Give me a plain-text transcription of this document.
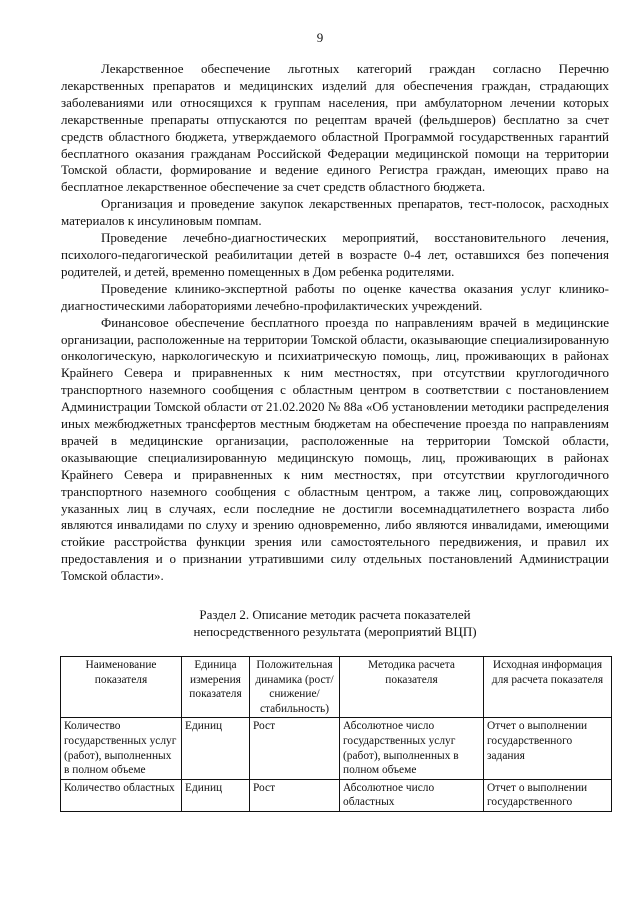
9

Лекарственное обеспечение льготных категорий граждан согласно Перечню лекарственных препаратов и медицинских изделий для обеспечения граждан, страдающих заболеваниями или относящихся к группам населения, при амбулаторном лечении которых лекарственные препараты отпускаются по рецептам врачей (фельдшеров) бесплатно за счет средств областного бюджета, утверждаемого областной Программой государственных гарантий бесплатного оказания гражданам Российской Федерации медицинской помощи на территории Томской области, формирование и ведение единого Регистра граждан, имеющих право на бесплатное лекарственное обеспечение за счет средств областного бюджета.

Организация и проведение закупок лекарственных препаратов, тест-полосок, расходных материалов к инсулиновым помпам.

Проведение лечебно-диагностических мероприятий, восстановительного лечения, психолого-педагогической реабилитации детей в возрасте 0-4 лет, оставшихся без попечения родителей, и детей, временно помещенных в Дом ребенка родителями.

Проведение клинико-экспертной работы по оценке качества оказания услуг клинико-диагностическими лабораториями лечебно-профилактических учреждений.

Финансовое обеспечение бесплатного проезда по направлениям врачей в медицинские организации, расположенные на территории Томской области, оказывающие специализированную онкологическую, наркологическую и психиатрическую помощь, лиц, проживающих в районах Крайнего Севера и приравненных к ним местностях, при отсутствии круглогодичного транспортного наземного сообщения с областным центром в соответствии с постановлением Администрации Томской области от 21.02.2020 № 88а «Об установлении методики распределения иных межбюджетных трансфертов местным бюджетам на обеспечение проезда по направлениям врачей в медицинские организации, расположенные на территории Томской области, оказывающие специализированную медицинскую помощь, лиц, проживающих в районах Крайнего Севера и приравненных к ним местностях, при отсутствии круглогодичного транспортного наземного сообщения с областным центром, а также лиц, сопровождающих указанных лиц в случаях, если последние не достигли восемнадцатилетнего возраста либо являются инвалидами по слуху и зрению одновременно, либо являются инвалидами, имеющими стойкие расстройства функции зрения или самостоятельного передвижения, и правил их предоставления и о признании утратившими силу отдельных постановлений Администрации Томской области».

Раздел 2. Описание методик расчета показателей
непосредственного результата (мероприятий ВЦП)
Наименование показателя	Единица измерения показателя	Положительная динамика (рост/снижение/стабильность)	Методика расчета показателя	Исходная информация для расчета показателя
Количество государственных услуг (работ), выполненных в полном объеме	Единиц	Рост	Абсолютное число государственных услуг (работ), выполненных в полном объеме	Отчет о выполнении государственного задания
Количество областных	Единиц	Рост	Абсолютное число областных	Отчет о выполнении государственного
